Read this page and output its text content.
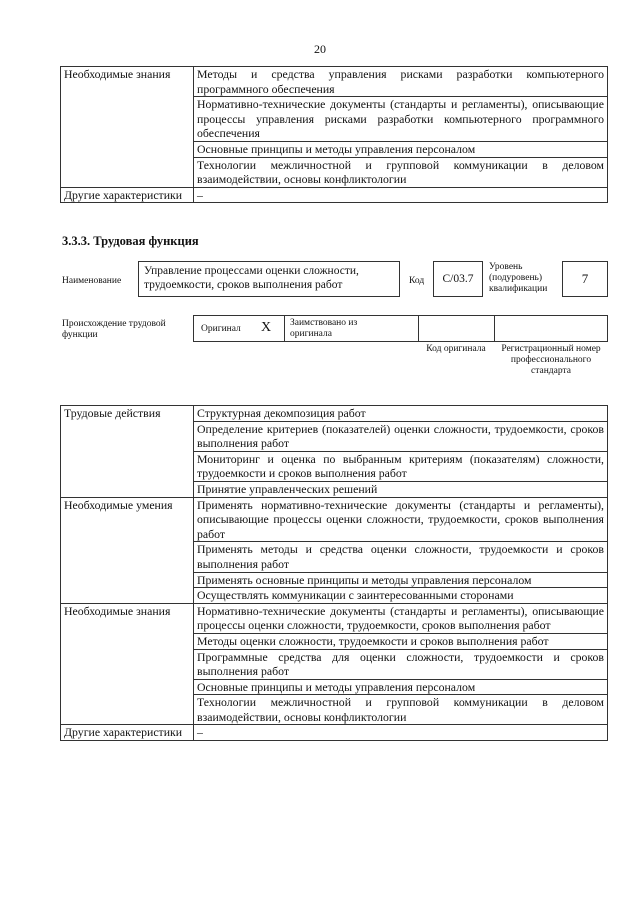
20
Необходимые знания	Методы и средства управления рисками разработки компьютерного программного обеспечения
	Нормативно-технические документы (стандарты и регламенты), описывающие процессы управления рисками разработки компьютерного программного обеспечения
	Основные принципы и методы управления персоналом
	Технологии межличностной и групповой коммуникации в деловом взаимодействии, основы конфликтологии
Другие характеристики	–
3.3.3. Трудовая функция
Наименование
Управление процессами оценки сложности, трудоемкости, сроков выполнения работ	Код	C/03.7
Уровень (подуровень) квалификации
7
Происхождение трудовой функции
Оригинал X Заимствовано из оригинала
Код оригинала	Регистрационный номер профессионального стандарта
Трудовые действия	Структурная декомпозиция работ
	Определение критериев (показателей) оценки сложности, трудоемкости, сроков выполнения работ
	Мониторинг и оценка по выбранным критериям (показателям) сложности, трудоемкости и сроков выполнения работ
	Принятие управленческих решений
Необходимые умения	Применять нормативно-технические документы (стандарты и регламенты), описывающие процессы оценки сложности, трудоемкости, сроков выполнения работ
	Применять методы и средства оценки сложности, трудоемкости и сроков выполнения работ
	Применять основные принципы и методы управления персоналом
	Осуществлять коммуникации с заинтересованными сторонами
Необходимые знания	Нормативно-технические документы (стандарты и регламенты), описывающие процессы оценки сложности, трудоемкости, сроков выполнения работ
	Методы оценки сложности, трудоемкости и сроков выполнения работ
	Программные средства для оценки сложности, трудоемкости и сроков выполнения работ
	Основные принципы и методы управления персоналом
	Технологии межличностной и групповой коммуникации в деловом взаимодействии, основы конфликтологии
Другие характеристики	–
